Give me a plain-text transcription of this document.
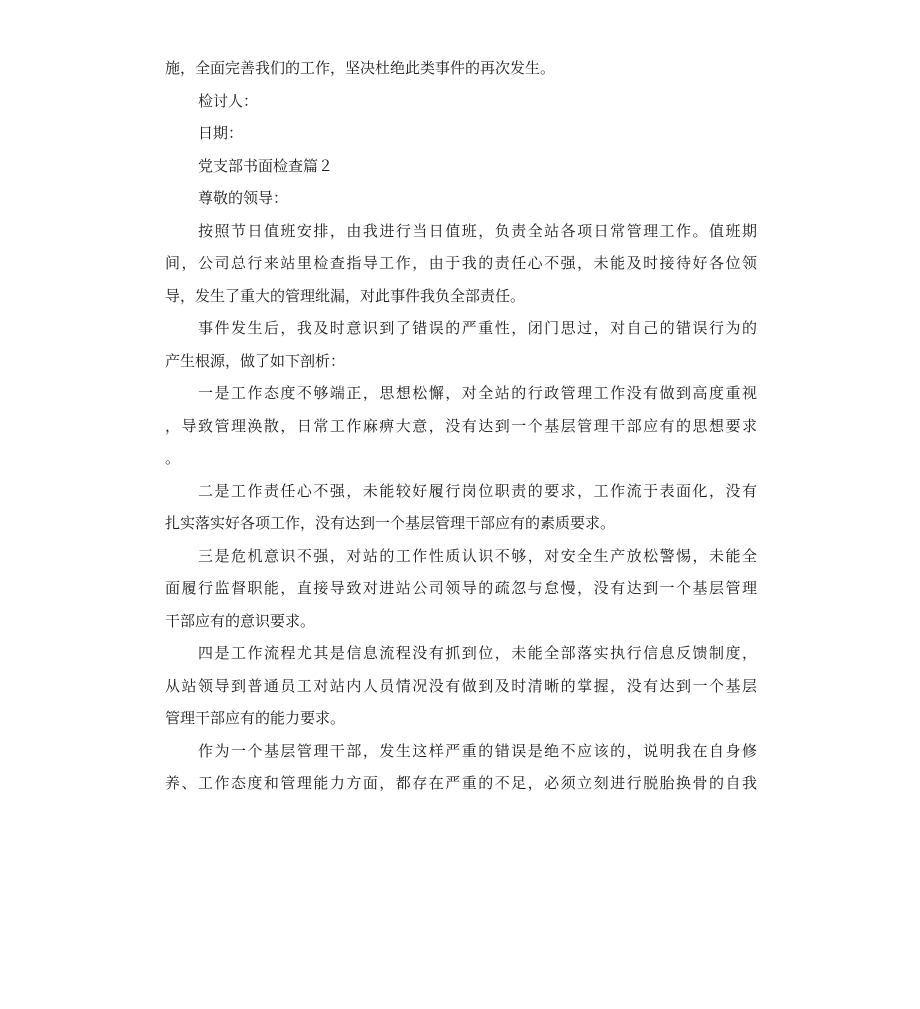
施，全面完善我们的工作，坚决杜绝此类事件的再次发生。
检讨人：
日期：
党支部书面检查篇２
尊敬的领导：
按照节日值班安排，由我进行当日值班，负责全站各项日常管理工作。值班期
间，公司总行来站里检查指导工作，由于我的责任心不强，未能及时接待好各位领
导，发生了重大的管理纰漏，对此事件我负全部责任。
事件发生后，我及时意识到了错误的严重性，闭门思过，对自己的错误行为的
产生根源，做了如下剖析：
一是工作态度不够端正，思想松懈，对全站的行政管理工作没有做到高度重视
，导致管理涣散，日常工作麻痹大意，没有达到一个基层管理干部应有的思想要求
。
二是工作责任心不强，未能较好履行岗位职责的要求，工作流于表面化，没有
扎实落实好各项工作，没有达到一个基层管理干部应有的素质要求。
三是危机意识不强，对站的工作性质认识不够，对安全生产放松警惕，未能全
面履行监督职能，直接导致对进站公司领导的疏忽与怠慢，没有达到一个基层管理
干部应有的意识要求。
四是工作流程尤其是信息流程没有抓到位，未能全部落实执行信息反馈制度，
从站领导到普通员工对站内人员情况没有做到及时清晰的掌握，没有达到一个基层
管理干部应有的能力要求。
作为一个基层管理干部，发生这样严重的错误是绝不应该的，说明我在自身修
养、工作态度和管理能力方面，都存在严重的不足，必须立刻进行脱胎换骨的自我
